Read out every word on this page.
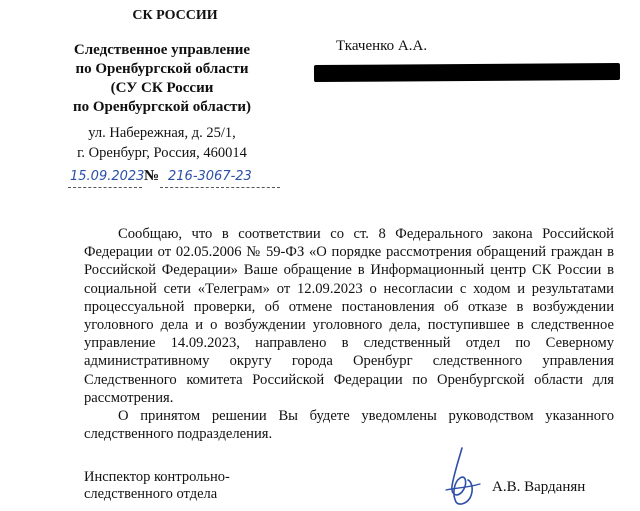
СК РОССИИ
Следственное управление
по Оренбургской области
(СУ СК России
по Оренбургской области)
ул. Набережная, д. 25/1,
г. Оренбург, Россия, 460014
15.09.2023 № 216-3067-23
Ткаченко А.А.

Сообщаю, что в соответствии со ст. 8 Федерального закона Российской Федерации от 02.05.2006 № 59-ФЗ «О порядке рассмотрения обращений граждан в Российской Федерации» Ваше обращение в Информационный центр СК России в социальной сети «Телеграм» от 12.09.2023 о несогласии с ходом и результатами процессуальной проверки, об отмене постановления об отказе в возбуждении уголовного дела и о возбуждении уголовного дела, поступившее в следственное управление 14.09.2023, направлено в следственный отдел по Северному административному округу города Оренбург следственного управления Следственного комитета Российской Федерации по Оренбургской области для рассмотрения.

О принятом решении Вы будете уведомлены руководством указанного следственного подразделения.

Инспектор контрольно-
следственного отдела	А.В. Варданян
